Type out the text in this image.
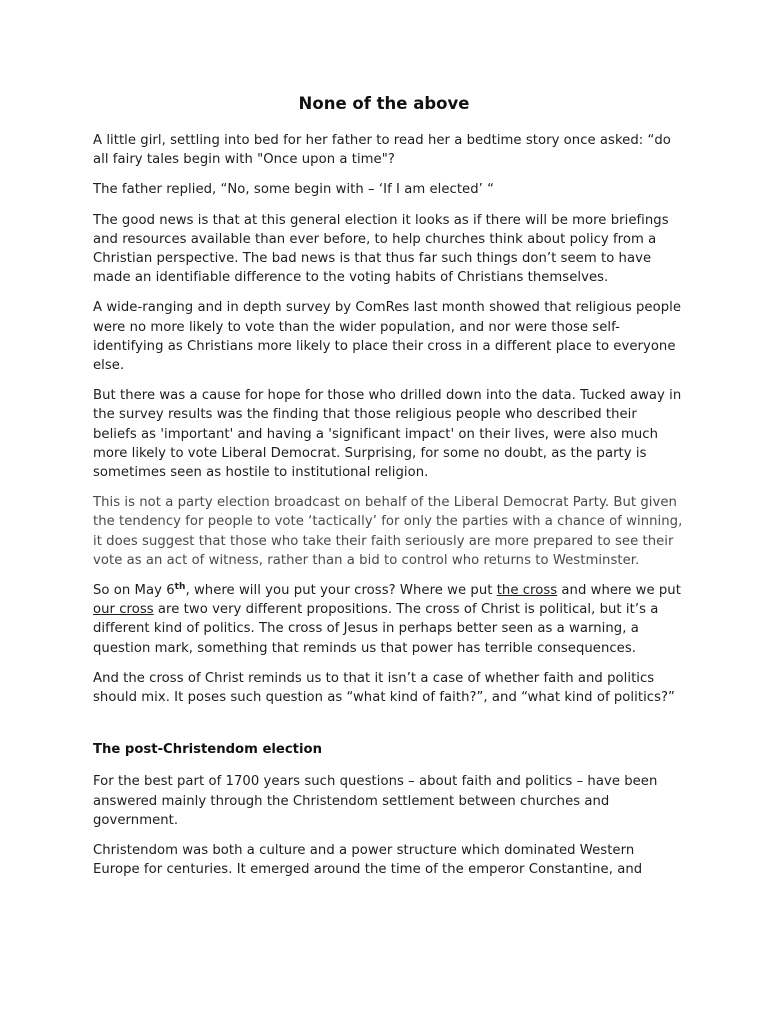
None of the above

A little girl, settling into bed for her father to read her a bedtime story once asked: “do all fairy tales begin with "Once upon a time"?

The father replied, “No, some begin with – ‘If I am elected’ “

The good news is that at this general election it looks as if there will be more briefings and resources available than ever before, to help churches think about policy from a Christian perspective. The bad news is that thus far such things don’t seem to have made an identifiable difference to the voting habits of Christians themselves.

A wide-ranging and in depth survey by ComRes last month showed that religious people were no more likely to vote than the wider population, and nor were those self-identifying as Christians more likely to place their cross in a different place to everyone else.

But there was a cause for hope for those who drilled down into the data. Tucked away in the survey results was the finding that those religious people who described their beliefs as 'important' and having a 'significant impact' on their lives, were also much more likely to vote Liberal Democrat. Surprising, for some no doubt, as the party is sometimes seen as hostile to institutional religion.

This is not a party election broadcast on behalf of the Liberal Democrat Party. But given the tendency for people to vote ‘tactically’ for only the parties with a chance of winning, it does suggest that those who take their faith seriously are more prepared to see their vote as an act of witness, rather than a bid to control who returns to Westminster.

So on May 6th, where will you put your cross? Where we put the cross and where we put our cross are two very different propositions. The cross of Christ is political, but it’s a different kind of politics. The cross of Jesus in perhaps better seen as a warning, a question mark, something that reminds us that power has terrible consequences.

And the cross of Christ reminds us to that it isn’t a case of whether faith and politics should mix. It poses such question as “what kind of faith?”, and “what kind of politics?”

The post-Christendom election

For the best part of 1700 years such questions – about faith and politics – have been answered mainly through the Christendom settlement between churches and government.

Christendom was both a culture and a power structure which dominated Western Europe for centuries. It emerged around the time of the emperor Constantine, and
